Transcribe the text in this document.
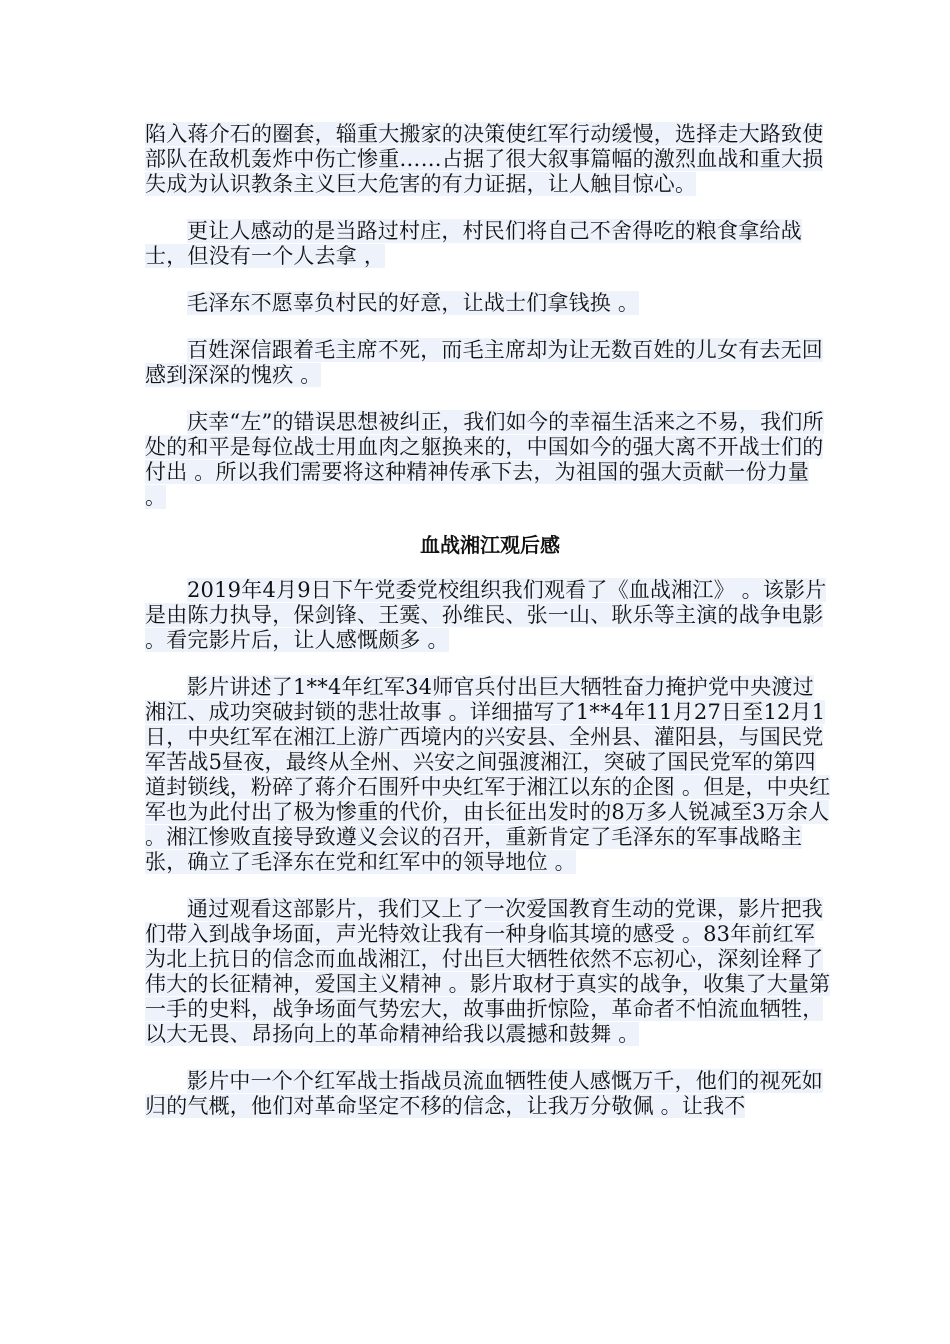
陷入蒋介石的圈套，辎重大搬家的决策使红军行动缓慢，选择走大路致使部队在敌机轰炸中伤亡惨重……占据了很大叙事篇幅的激烈血战和重大损失成为认识教条主义巨大危害的有力证据，让人触目惊心。

更让人感动的是当路过村庄，村民们将自己不舍得吃的粮食拿给战士，但没有一个人去拿 ，

毛泽东不愿辜负村民的好意，让战士们拿钱换 。

百姓深信跟着毛主席不死，而毛主席却为让无数百姓的儿女有去无回感到深深的愧疚 。

庆幸“左”的错误思想被纠正，我们如今的幸福生活来之不易，我们所处的和平是每位战士用血肉之躯换来的，中国如今的强大离不开战士们的付出 。所以我们需要将这种精神传承下去，为祖国的强大贡献一份力量 。

血战湘江观后感

2019年4月9日下午党委党校组织我们观看了《血战湘江》 。该影片是由陈力执导，保剑锋、王霙、孙维民、张一山、耿乐等主演的战争电影 。看完影片后，让人感慨颇多 。

影片讲述了1**4年红军34师官兵付出巨大牺牲奋力掩护党中央渡过湘江、成功突破封锁的悲壮故事 。详细描写了1**4年11月27日至12月1日，中央红军在湘江上游广西境内的兴安县、全州县、灌阳县，与国民党军苦战5昼夜，最终从全州、兴安之间强渡湘江，突破了国民党军的第四道封锁线，粉碎了蒋介石围歼中央红军于湘江以东的企图 。但是，中央红军也为此付出了极为惨重的代价，由长征出发时的8万多人锐减至3万余人 。湘江惨败直接导致遵义会议的召开，重新肯定了毛泽东的军事战略主张，确立了毛泽东在党和红军中的领导地位 。

通过观看这部影片，我们又上了一次爱国教育生动的党课，影片把我们带入到战争场面，声光特效让我有一种身临其境的感受 。83年前红军为北上抗日的信念而血战湘江，付出巨大牺牲依然不忘初心，深刻诠释了伟大的长征精神，爱国主义精神 。影片取材于真实的战争，收集了大量第一手的史料，战争场面气势宏大，故事曲折惊险，革命者不怕流血牺牲，以大无畏、昂扬向上的革命精神给我以震撼和鼓舞 。

影片中一个个红军战士指战员流血牺牲使人感慨万千，他们的视死如归的气概，他们对革命坚定不移的信念，让我万分敬佩 。让我不
